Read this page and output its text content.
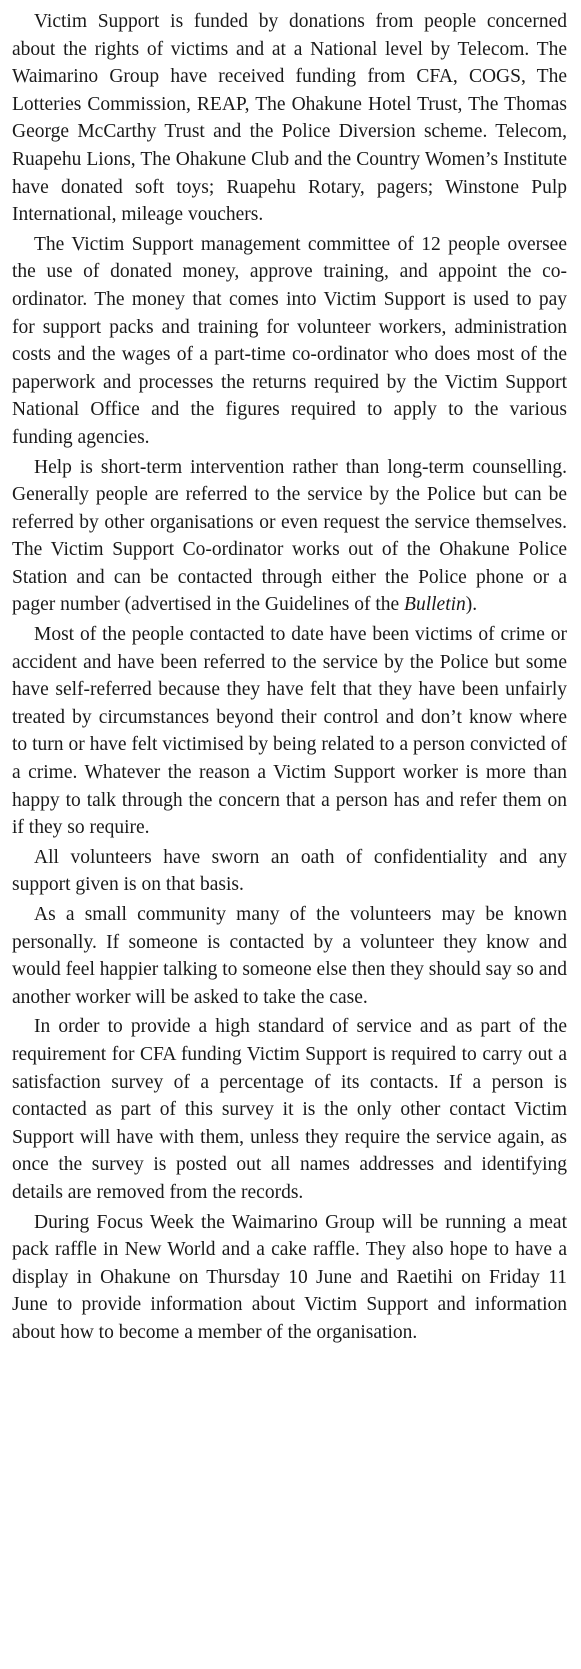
Victim Support is funded by donations from people concerned about the rights of victims and at a National level by Telecom. The Waimarino Group have received funding from CFA, COGS, The Lotteries Commission, REAP, The Ohakune Hotel Trust, The Thomas George McCarthy Trust and the Police Diversion scheme. Telecom, Ruapehu Lions, The Ohakune Club and the Country Women’s Institute have donated soft toys; Ruapehu Rotary, pagers; Winstone Pulp International, mileage vouchers.

The Victim Support management committee of 12 people oversee the use of donated money, approve training, and appoint the co-ordinator. The money that comes into Victim Support is used to pay for support packs and training for volunteer workers, administration costs and the wages of a part-time co-ordinator who does most of the paperwork and processes the returns required by the Victim Support National Office and the figures required to apply to the various funding agencies.

Help is short-term intervention rather than long-term counselling. Generally people are referred to the service by the Police but can be referred by other organisations or even request the service themselves. The Victim Support Co-ordinator works out of the Ohakune Police Station and can be contacted through either the Police phone or a pager number (advertised in the Guidelines of the Bulletin).

Most of the people contacted to date have been victims of crime or accident and have been referred to the service by the Police but some have self-referred because they have felt that they have been unfairly treated by circumstances beyond their control and don’t know where to turn or have felt victimised by being related to a person convicted of a crime. Whatever the reason a Victim Support worker is more than happy to talk through the concern that a person has and refer them on if they so require.

All volunteers have sworn an oath of confidentiality and any support given is on that basis.

As a small community many of the volunteers may be known personally. If someone is contacted by a volunteer they know and would feel happier talking to someone else then they should say so and another worker will be asked to take the case.

In order to provide a high standard of service and as part of the requirement for CFA funding Victim Support is required to carry out a satisfaction survey of a percentage of its contacts. If a person is contacted as part of this survey it is the only other contact Victim Support will have with them, unless they require the service again, as once the survey is posted out all names addresses and identifying details are removed from the records.

During Focus Week the Waimarino Group will be running a meat pack raffle in New World and a cake raffle. They also hope to have a display in Ohakune on Thursday 10 June and Raetihi on Friday 11 June to provide information about Victim Support and information about how to become a member of the organisation.
